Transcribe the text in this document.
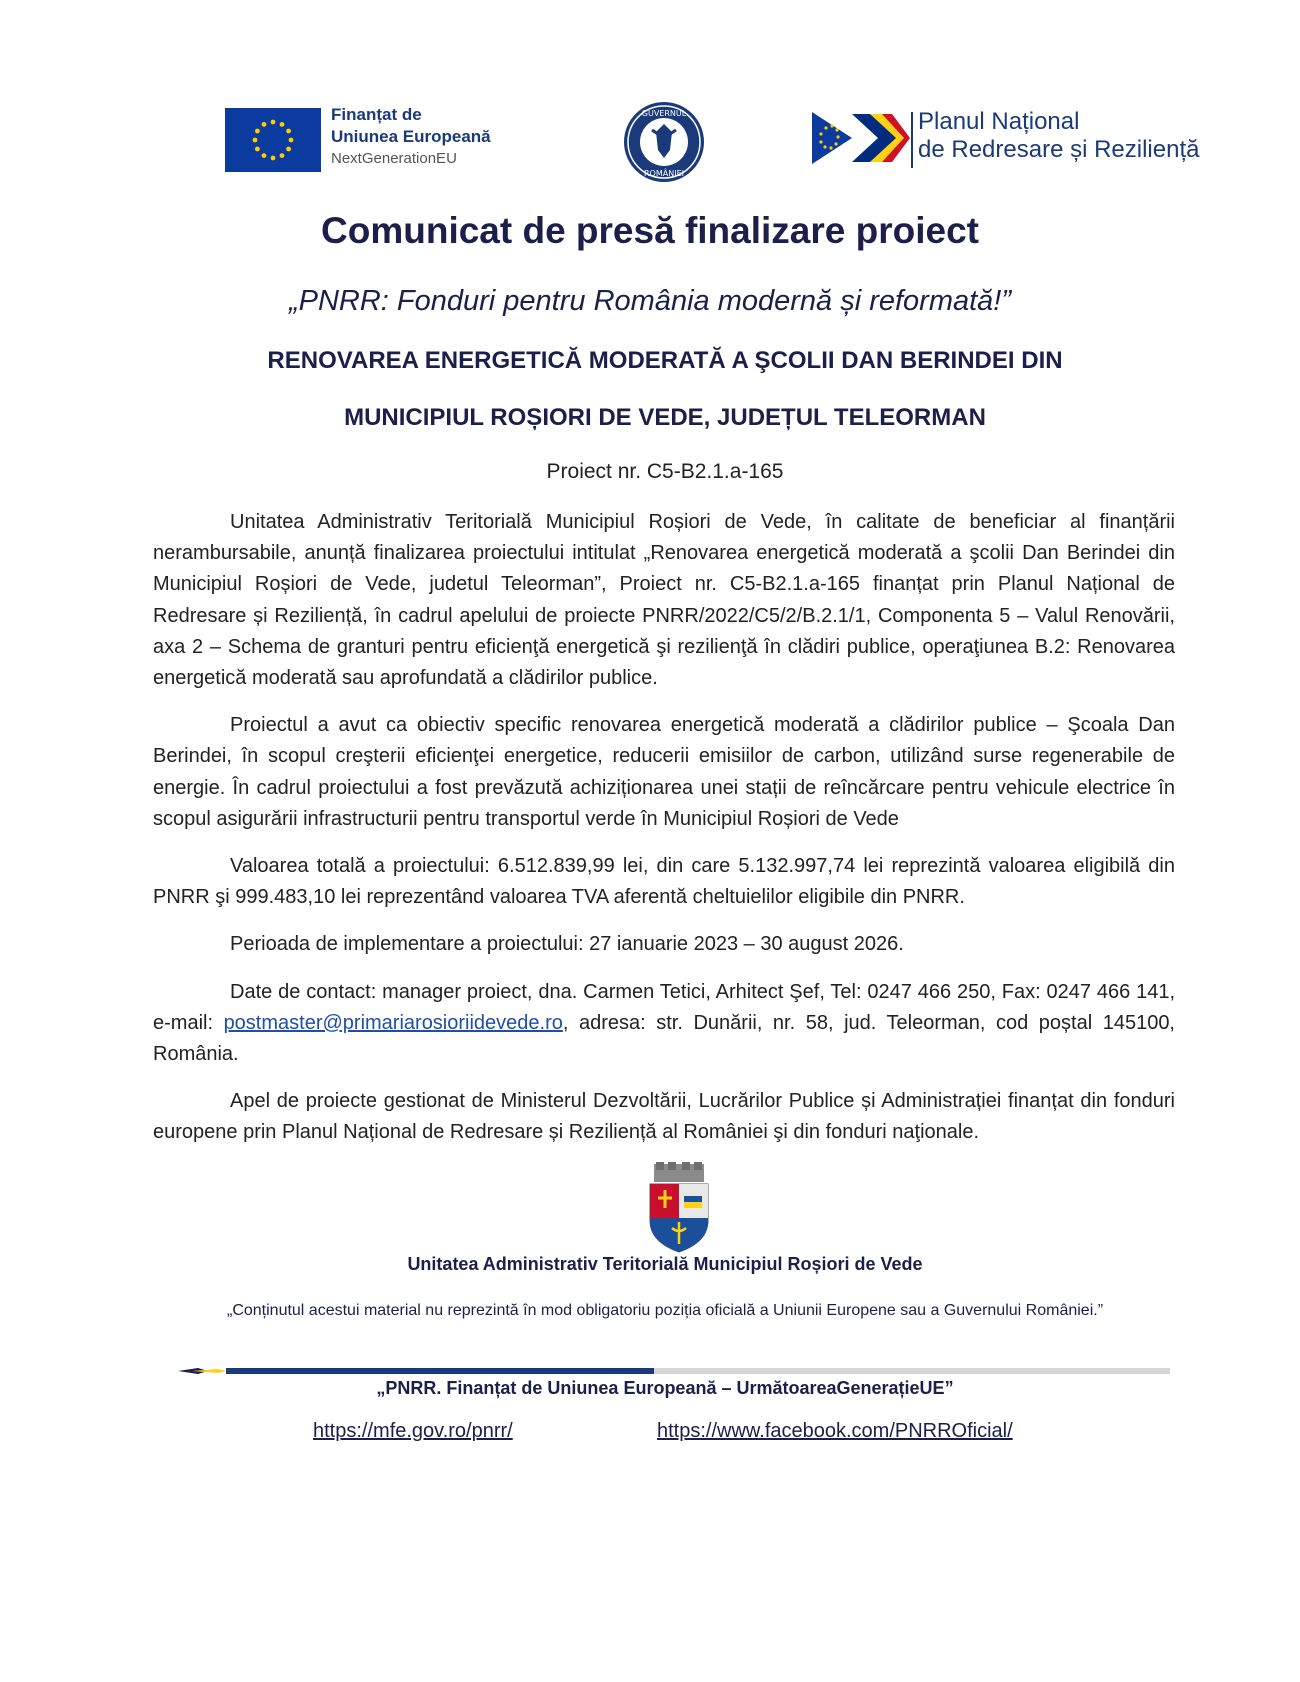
Finanțat de
Uniunea Europeană
NextGenerationEU
GUVERNUL
ROMÂNIEI
Planul Național
de Redresare și Reziliență
Comunicat de presă finalizare proiect
„PNRR: Fonduri pentru România modernă și reformată!”
RENOVAREA ENERGETICĂ MODERATĂ A ŞCOLII DAN BERINDEI DIN
MUNICIPIUL ROȘIORI DE VEDE, JUDEȚUL TELEORMAN
Proiect nr. C5-B2.1.a-165

Unitatea Administrativ Teritorială Municipiul Roșiori de Vede, în calitate de beneficiar al finanțării nerambursabile, anunță finalizarea proiectului intitulat „Renovarea energetică moderată a şcolii Dan Berindei din Municipiul Roșiori de Vede, judetul Teleorman”, Proiect nr. C5-B2.1.a-165 finanțat prin Planul Național de Redresare și Reziliență, în cadrul apelului de proiecte PNRR/2022/C5/2/B.2.1/1, Componenta 5 – Valul Renovării, axa 2 – Schema de granturi pentru eficienţă energetică şi rezilienţă în clădiri publice, operaţiunea B.2: Renovarea energetică moderată sau aprofundată a clădirilor publice.

Proiectul a avut ca obiectiv specific renovarea energetică moderată a clădirilor publice – Şcoala Dan Berindei, în scopul creşterii eficienţei energetice, reducerii emisiilor de carbon, utilizând surse regenerabile de energie. În cadrul proiectului a fost prevăzută achiziționarea unei stații de reîncărcare pentru vehicule electrice în scopul asigurării infrastructurii pentru transportul verde în Municipiul Roșiori de Vede

Valoarea totală a proiectului: 6.512.839,99 lei, din care 5.132.997,74 lei reprezintă valoarea eligibilă din PNRR şi 999.483,10 lei reprezentând valoarea TVA aferentă cheltuielilor eligibile din PNRR.

Perioada de implementare a proiectului: 27 ianuarie 2023 – 30 august 2026.

Date de contact: manager proiect, dna. Carmen Tetici, Arhitect Şef, Tel: 0247 466 250, Fax: 0247 466 141, e-mail: postmaster@primariarosioriidevede.ro, adresa: str. Dunării, nr. 58, jud. Teleorman, cod poștal 145100, România.

Apel de proiecte gestionat de Ministerul Dezvoltării, Lucrărilor Publice și Administrației finanțat din fonduri europene prin Planul Național de Redresare și Reziliență al României şi din fonduri naţionale.

Unitatea Administrativ Teritorială Municipiul Roșiori de Vede
„Conținutul acestui material nu reprezintă în mod obligatoriu poziția oficială a Uniunii Europene sau a Guvernului României.”
„PNRR. Finanțat de Uniunea Europeană – UrmătoareaGenerațieUE”
https://mfe.gov.ro/pnrr/	https://www.facebook.com/PNRROficial/
